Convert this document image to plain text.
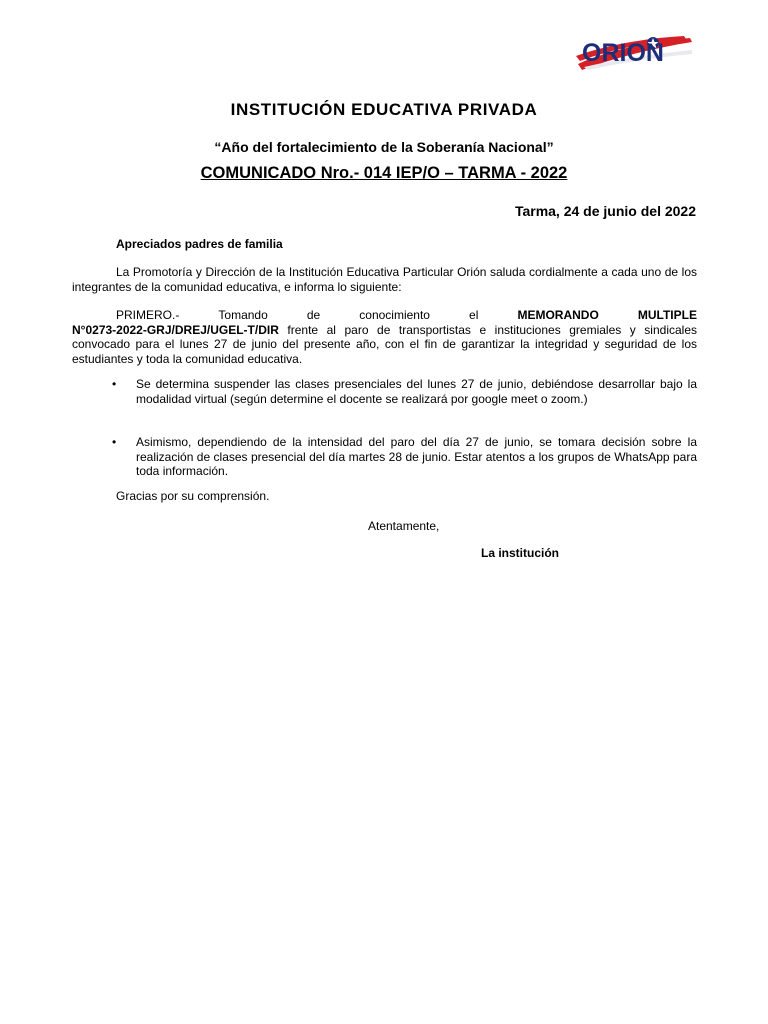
ORION
INSTITUCIÓN EDUCATIVA PRIVADA
“Año del fortalecimiento de la Soberanía Nacional”
COMUNICADO Nro.- 014 IEP/O – TARMA - 2022
Tarma, 24 de junio del 2022
Apreciados padres de familia
La Promotoría y Dirección de la Institución Educativa Particular Orión saluda cordialmente a cada uno de los integrantes de la comunidad educativa, e informa lo siguiente:
PRIMERO.-	Tomando	de	conocimiento	el	MEMORANDO	MULTIPLE
N°0273-2022-GRJ/DREJ/UGEL-T/DIR frente al paro de transportistas e instituciones gremiales y sindicales convocado para el lunes 27 de junio del presente año, con el fin de garantizar la integridad y seguridad de los estudiantes y toda la comunidad educativa.
• Se determina suspender las clases presenciales del lunes 27 de junio, debiéndose desarrollar bajo la modalidad virtual (según determine el docente se realizará por google meet o zoom.)
• Asimismo, dependiendo de la intensidad del paro del día 27 de junio, se tomara decisión sobre la realización de clases presencial del día martes 28 de junio. Estar atentos a los grupos de WhatsApp para toda información.
Gracias por su comprensión.
Atentamente,
La institución
